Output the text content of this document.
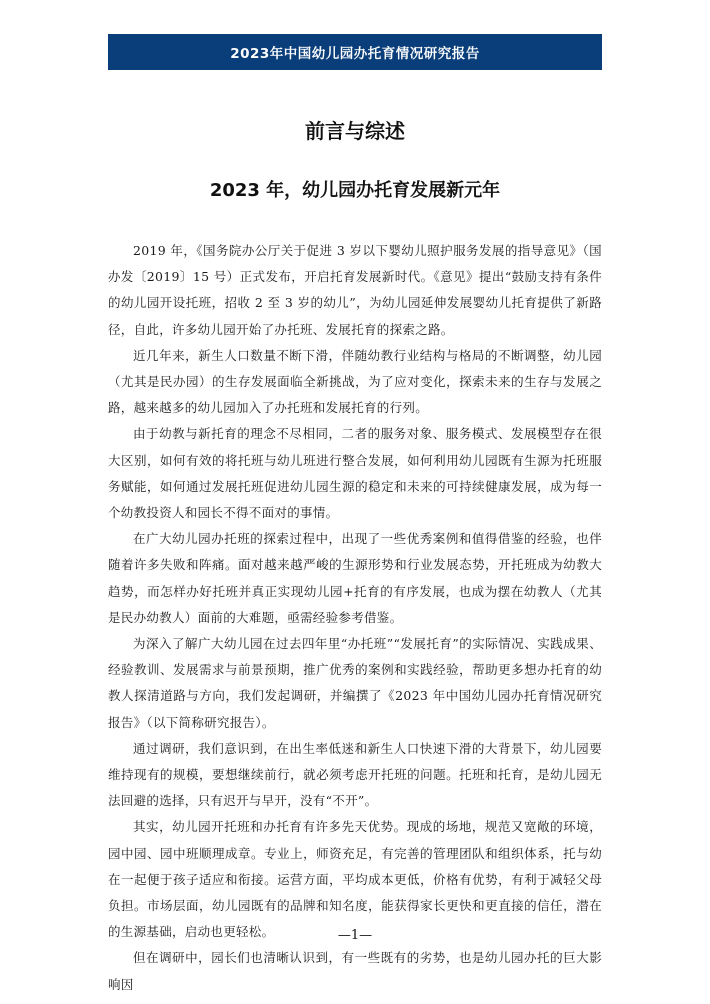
2023年中国幼儿园办托育情况研究报告
前言与综述
2023 年，幼儿园办托育发展新元年

2019 年，《国务院办公厅关于促进 3 岁以下婴幼儿照护服务发展的指导意见》（国办发〔2019〕15 号）正式发布，开启托育发展新时代。《意见》提出“鼓励支持有条件的幼儿园开设托班，招收 2 至 3 岁的幼儿”，为幼儿园延伸发展婴幼儿托育提供了新路径，自此，许多幼儿园开始了办托班、发展托育的探索之路。

近几年来，新生人口数量不断下滑，伴随幼教行业结构与格局的不断调整，幼儿园（尤其是民办园）的生存发展面临全新挑战，为了应对变化，探索未来的生存与发展之路，越来越多的幼儿园加入了办托班和发展托育的行列。

由于幼教与新托育的理念不尽相同，二者的服务对象、服务模式、发展模型存在很大区别，如何有效的将托班与幼儿班进行整合发展，如何利用幼儿园既有生源为托班服务赋能，如何通过发展托班促进幼儿园生源的稳定和未来的可持续健康发展，成为每一个幼教投资人和园长不得不面对的事情。

在广大幼儿园办托班的探索过程中，出现了一些优秀案例和值得借鉴的经验，也伴随着许多失败和阵痛。面对越来越严峻的生源形势和行业发展态势，开托班成为幼教大趋势，而怎样办好托班并真正实现幼儿园+托育的有序发展，也成为摆在幼教人（尤其是民办幼教人）面前的大难题，亟需经验参考借鉴。

为深入了解广大幼儿园在过去四年里“办托班”“发展托育”的实际情况、实践成果、经验教训、发展需求与前景预期，推广优秀的案例和实践经验，帮助更多想办托育的幼教人探清道路与方向，我们发起调研，并编撰了《2023 年中国幼儿园办托育情况研究报告》（以下简称研究报告）。

通过调研，我们意识到，在出生率低迷和新生人口快速下滑的大背景下，幼儿园要维持现有的规模，要想继续前行，就必须考虑开托班的问题。托班和托育，是幼儿园无法回避的选择，只有迟开与早开，没有“不开”。

其实，幼儿园开托班和办托育有许多先天优势。现成的场地，规范又宽敞的环境，园中园、园中班顺理成章。专业上，师资充足，有完善的管理团队和组织体系，托与幼在一起便于孩子适应和衔接。运营方面，平均成本更低，价格有优势，有利于减轻父母负担。市场层面，幼儿园既有的品牌和知名度，能获得家长更快和更直接的信任，潜在的生源基础，启动也更轻松。

但在调研中，园长们也清晰认识到，有一些既有的劣势，也是幼儿园办托的巨大影响因

—1—
